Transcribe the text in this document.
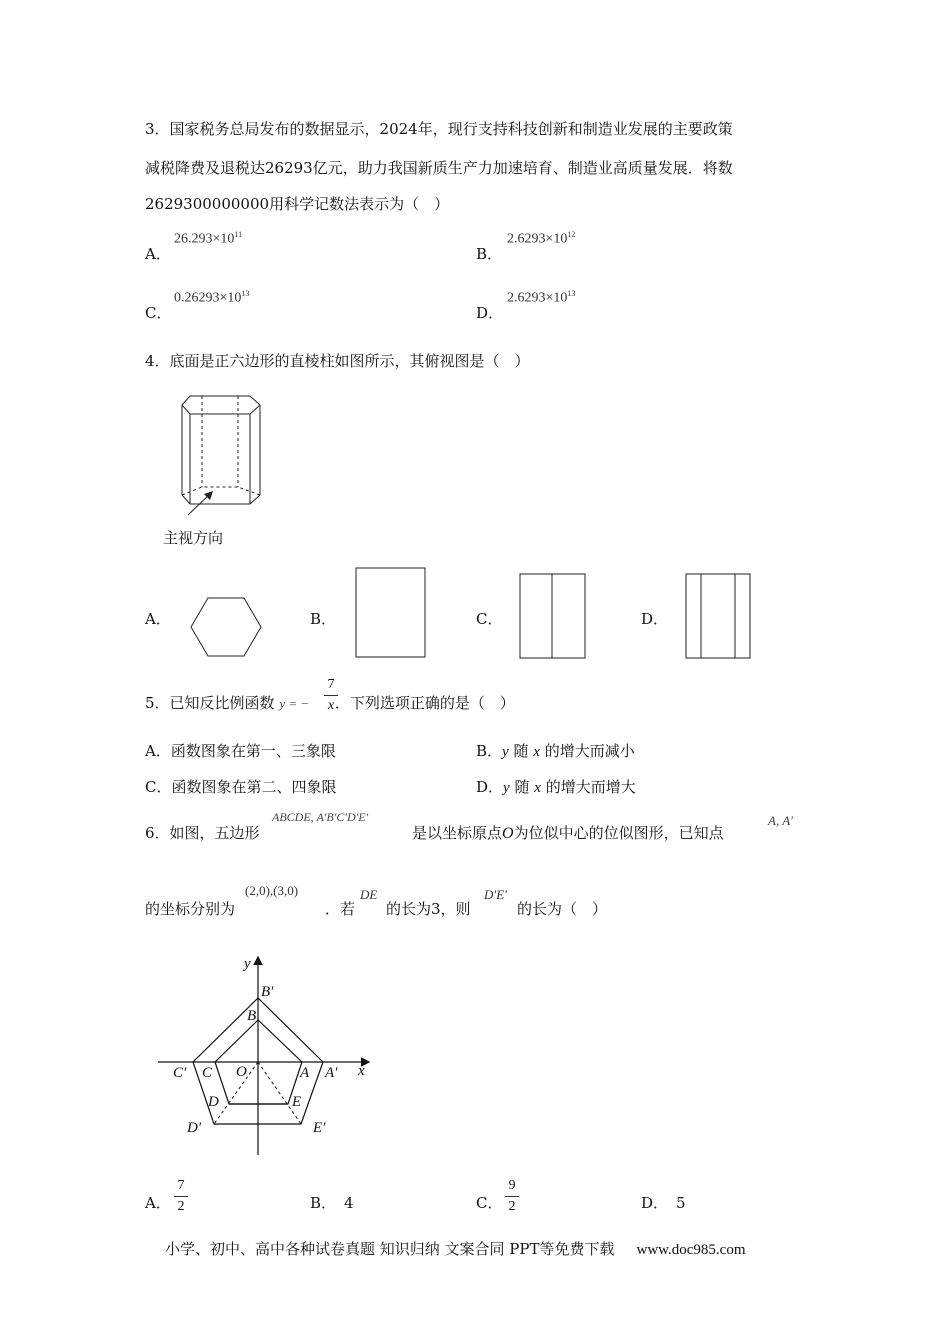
3．国家税务总局发布的数据显示，2024年，现行支持科技创新和制造业发展的主要政策
减税降费及退税达26293亿元，助力我国新质生产力加速培育、制造业高质量发展．将数
2629300000000用科学记数法表示为（　）
A．
$26.293\times 10^{11}$
B．
$2.6293\times 10^{12}$
C．
$0.26293\times 10^{13}$
D．
$2.6293\times 10^{13}$
4．底面是正六边形的直棱柱如图所示，其俯视图是（　）
主视方向
A．	B．	C．	D．
5．已知反比例函数 y = − ．下列选项正确的是（　）
7
x
A．函数图象在第一、三象限	B．y 随 x 的增大而减小
C．函数图象在第二、四象限	D．y 随 x 的增大而增大
6．如图，五边形
ABCDE, A′B′C′D′E′
是以坐标原点O为位似中心的位似图形，已知点
A, A′
的坐标分别为
(2,0),(3,0)
．若
DE
的长为3，则
D′E′
的长为（　）
y
x
O	A A′
B
B′
C
C′
D
D′
E
E′
A．
7
2	B． 4	C．
9
2	D． 5
小学、初中、高中各种试卷真题 知识归纳 文案合同 PPT等免费下载 www.doc985.com
